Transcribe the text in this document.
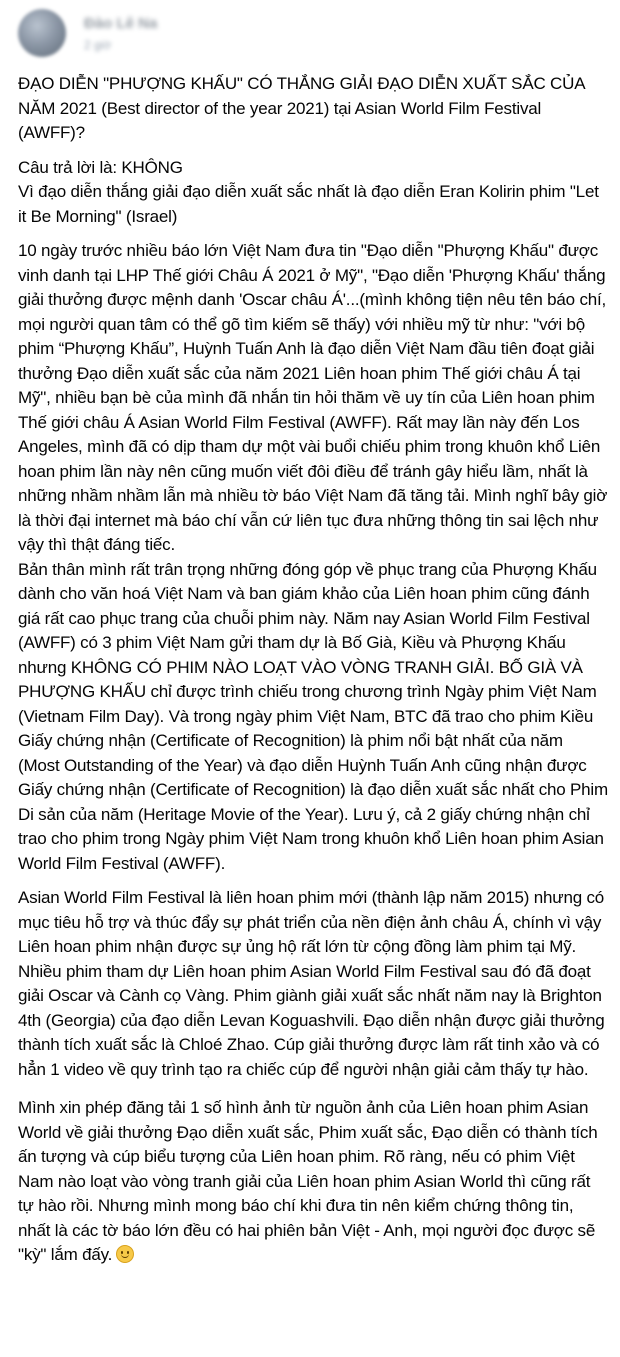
Đào Lê Na
2 giờ

ĐẠO DIỄN "PHƯỢNG KHẤU" CÓ THẮNG GIẢI ĐẠO DIỄN XUẤT SẮC CỦA NĂM 2021 (Best director of the year 2021) tại Asian World Film Festival (AWFF)?

Câu trả lời là: KHÔNG
Vì đạo diễn thắng giải đạo diễn xuất sắc nhất là đạo diễn Eran Kolirin phim "Let it Be Morning" (Israel)

10 ngày trước nhiều báo lớn Việt Nam đưa tin "Đạo diễn "Phượng Khấu" được vinh danh tại LHP Thế giới Châu Á 2021 ở Mỹ", "Đạo diễn 'Phượng Khấu' thắng giải thưởng được mệnh danh 'Oscar châu Á'...(mình không tiện nêu tên báo chí, mọi người quan tâm có thể gõ tìm kiếm sẽ thấy) với nhiều mỹ từ như: "với bộ phim “Phượng Khấu”, Huỳnh Tuấn Anh là đạo diễn Việt Nam đầu tiên đoạt giải thưởng Đạo diễn xuất sắc của năm 2021 Liên hoan phim Thế giới châu Á tại Mỹ", nhiều bạn bè của mình đã nhắn tin hỏi thăm về uy tín của Liên hoan phim Thế giới châu Á Asian World Film Festival (AWFF). Rất may lần này đến Los Angeles, mình đã có dịp tham dự một vài buổi chiếu phim trong khuôn khổ Liên hoan phim lần này nên cũng muốn viết đôi điều để tránh gây hiểu lầm, nhất là những nhầm nhầm lẫn mà nhiều tờ báo Việt Nam đã tăng tải. Mình nghĩ bây giờ là thời đại internet mà báo chí vẫn cứ liên tục đưa những thông tin sai lệch như vậy thì thật đáng tiếc.

Bản thân mình rất trân trọng những đóng góp về phục trang của Phượng Khấu dành cho văn hoá Việt Nam và ban giám khảo của Liên hoan phim cũng đánh giá rất cao phục trang của chuỗi phim này. Năm nay Asian World Film Festival (AWFF) có 3 phim Việt Nam gửi tham dự là Bố Già, Kiều và Phượng Khấu nhưng KHÔNG CÓ PHIM NÀO LOẠT VÀO VÒNG TRANH GIẢI. BỐ GIÀ VÀ PHƯỢNG KHẤU chỉ được trình chiếu trong chương trình Ngày phim Việt Nam (Vietnam Film Day). Và trong ngày phim Việt Nam, BTC đã trao cho phim Kiều Giấy chứng nhận (Certificate of Recognition) là phim nổi bật nhất của năm (Most Outstanding of the Year) và đạo diễn Huỳnh Tuấn Anh cũng nhận được Giấy chứng nhận (Certificate of Recognition) là đạo diễn xuất sắc nhất cho Phim Di sản của năm (Heritage Movie of the Year). Lưu ý, cả 2 giấy chứng nhận chỉ trao cho phim trong Ngày phim Việt Nam trong khuôn khổ Liên hoan phim Asian World Film Festival (AWFF).

Asian World Film Festival là liên hoan phim mới (thành lập năm 2015) nhưng có mục tiêu hỗ trợ và thúc đẩy sự phát triển của nền điện ảnh châu Á, chính vì vậy Liên hoan phim nhận được sự ủng hộ rất lớn từ cộng đồng làm phim tại Mỹ. Nhiều phim tham dự Liên hoan phim Asian World Film Festival sau đó đã đoạt giải Oscar và Cành cọ Vàng. Phim giành giải xuất sắc nhất năm nay là Brighton 4th (Georgia) của đạo diễn Levan Koguashvili. Đạo diễn nhận được giải thưởng thành tích xuất sắc là Chloé Zhao. Cúp giải thưởng được làm rất tinh xảo và có hẳn 1 video về quy trình tạo ra chiếc cúp để người nhận giải cảm thấy tự hào.

Mình xin phép đăng tải 1 số hình ảnh từ nguồn ảnh của Liên hoan phim Asian World về giải thưởng Đạo diễn xuất sắc, Phim xuất sắc, Đạo diễn có thành tích ấn tượng và cúp biểu tượng của Liên hoan phim. Rõ ràng, nếu có phim Việt Nam nào loạt vào vòng tranh giải của Liên hoan phim Asian World thì cũng rất tự hào rồi. Nhưng mình mong báo chí khi đưa tin nên kiểm chứng thông tin, nhất là các tờ báo lớn đều có hai phiên bản Việt - Anh, mọi người đọc được sẽ "kỳ" lắm đấy.
